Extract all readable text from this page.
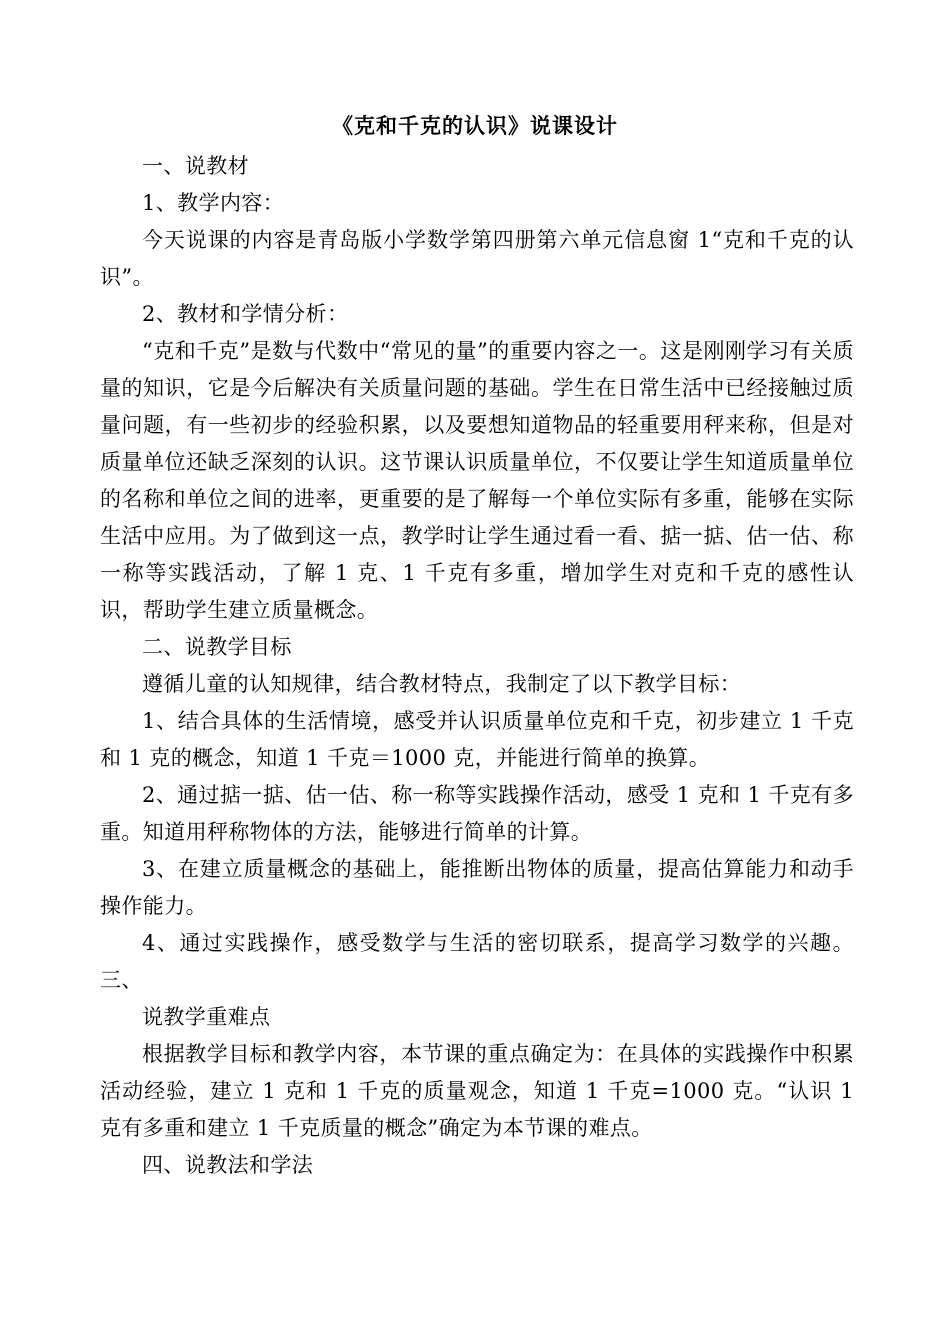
《克和千克的认识》说课设计

一、说教材

1、教学内容：

今天说课的内容是青岛版小学数学第四册第六单元信息窗 1“克和千克的认识”。

2、教材和学情分析：

“克和千克”是数与代数中“常见的量”的重要内容之一。这是刚刚学习有关质量的知识，它是今后解决有关质量问题的基础。学生在日常生活中已经接触过质量问题，有一些初步的经验积累，以及要想知道物品的轻重要用秤来称，但是对质量单位还缺乏深刻的认识。这节课认识质量单位，不仅要让学生知道质量单位的名称和单位之间的进率，更重要的是了解每一个单位实际有多重，能够在实际生活中应用。为了做到这一点，教学时让学生通过看一看、掂一掂、估一估、称一称等实践活动，了解 1 克、1 千克有多重，增加学生对克和千克的感性认识，帮助学生建立质量概念。

二、说教学目标

遵循儿童的认知规律，结合教材特点，我制定了以下教学目标：

1、结合具体的生活情境，感受并认识质量单位克和千克，初步建立 1 千克和 1 克的概念，知道 1 千克＝1000 克，并能进行简单的换算。

2、通过掂一掂、估一估、称一称等实践操作活动，感受 1 克和 1 千克有多重。知道用秤称物体的方法，能够进行简单的计算。

3、在建立质量概念的基础上，能推断出物体的质量，提高估算能力和动手操作能力。

4、通过实践操作，感受数学与生活的密切联系，提高学习数学的兴趣。三、

说教学重难点

根据教学目标和教学内容，本节课的重点确定为：在具体的实践操作中积累活动经验，建立 1 克和 1 千克的质量观念，知道 1 千克=1000 克。“认识 1 克有多重和建立 1 千克质量的概念”确定为本节课的难点。

四、说教法和学法
